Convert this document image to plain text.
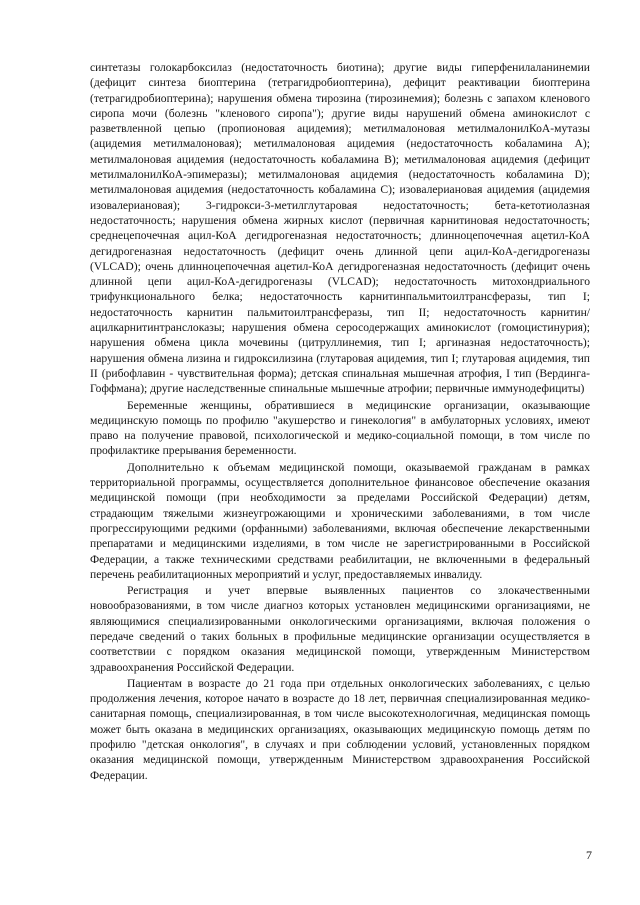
синтетазы голокарбоксилаз (недостаточность биотина); другие виды гиперфенилаланинемии (дефицит синтеза биоптерина (тетрагидробиоптерина), дефицит реактивации биоптерина (тетрагидробиоптерина); нарушения обмена тирозина (тирозинемия); болезнь с запахом кленового сиропа мочи (болезнь "кленового сиропа"); другие виды нарушений обмена аминокислот с разветвленной цепью (пропионовая ацидемия); метилмалоновая метилмалонилКоА-мутазы (ацидемия метилмалоновая); метилмалоновая ацидемия (недостаточность кобаламина А); метилмалоновая ацидемия (недостаточность кобаламина В); метилмалоновая ацидемия (дефицит метилмалонилКоА-эпимеразы); метилмалоновая ацидемия (недостаточность кобаламина D); метилмалоновая ацидемия (недостаточность кобаламина С); изовалериановая ацидемия (ацидемия изовалериановая); 3-гидрокси-3-метилглутаровая недостаточность; бета-кетотиолазная недостаточность; нарушения обмена жирных кислот (первичная карнитиновая недостаточность; среднецепочечная ацил-КоА дегидрогеназная недостаточность; длинноцепочечная ацетил-КоА дегидрогеназная недостаточность (дефицит очень длинной цепи ацил-КоА-дегидрогеназы (VLCAD); очень длинноцепочечная ацетил-КоА дегидрогеназная недостаточность (дефицит очень длинной цепи ацил-КоА-дегидрогеназы (VLCAD); недостаточность митохондриального трифункционального белка; недостаточность карнитинпальмитоилтрансферазы, тип I; недостаточность карнитин пальмитоилтрансферазы, тип II; недостаточность карнитин/ацилкарнитинтранслоказы; нарушения обмена серосодержащих аминокислот (гомоцистинурия); нарушения обмена цикла мочевины (цитруллинемия, тип I; аргиназная недостаточность); нарушения обмена лизина и гидроксилизина (глутаровая ацидемия, тип I; глутаровая ацидемия, тип II (рибофлавин - чувствительная форма); детская спинальная мышечная атрофия, I тип (Вердинга-Гоффмана); другие наследственные спинальные мышечные атрофии; первичные иммунодефициты)

Беременные женщины, обратившиеся в медицинские организации, оказывающие медицинскую помощь по профилю "акушерство и гинекология" в амбулаторных условиях, имеют право на получение правовой, психологической и медико-социальной помощи, в том числе по профилактике прерывания беременности.

Дополнительно к объемам медицинской помощи, оказываемой гражданам в рамках территориальной программы, осуществляется дополнительное финансовое обеспечение оказания медицинской помощи (при необходимости за пределами Российской Федерации) детям, страдающим тяжелыми жизнеугрожающими и хроническими заболеваниями, в том числе прогрессирующими редкими (орфанными) заболеваниями, включая обеспечение лекарственными препаратами и медицинскими изделиями, в том числе не зарегистрированными в Российской Федерации, а также техническими средствами реабилитации, не включенными в федеральный перечень реабилитационных мероприятий и услуг, предоставляемых инвалиду.

Регистрация и учет впервые выявленных пациентов со злокачественными новообразованиями, в том числе диагноз которых установлен медицинскими организациями, не являющимися специализированными онкологическими организациями, включая положения о передаче сведений о таких больных в профильные медицинские организации осуществляется в соответствии с порядком оказания медицинской помощи, утвержденным Министерством здравоохранения Российской Федерации.

Пациентам в возрасте до 21 года при отдельных онкологических заболеваниях, с целью продолжения лечения, которое начато в возрасте до 18 лет, первичная специализированная медико-санитарная помощь, специализированная, в том числе высокотехнологичная, медицинская помощь может быть оказана в медицинских организациях, оказывающих медицинскую помощь детям по профилю "детская онкология", в случаях и при соблюдении условий, установленных порядком оказания медицинской помощи, утвержденным Министерством здравоохранения Российской Федерации.

7
